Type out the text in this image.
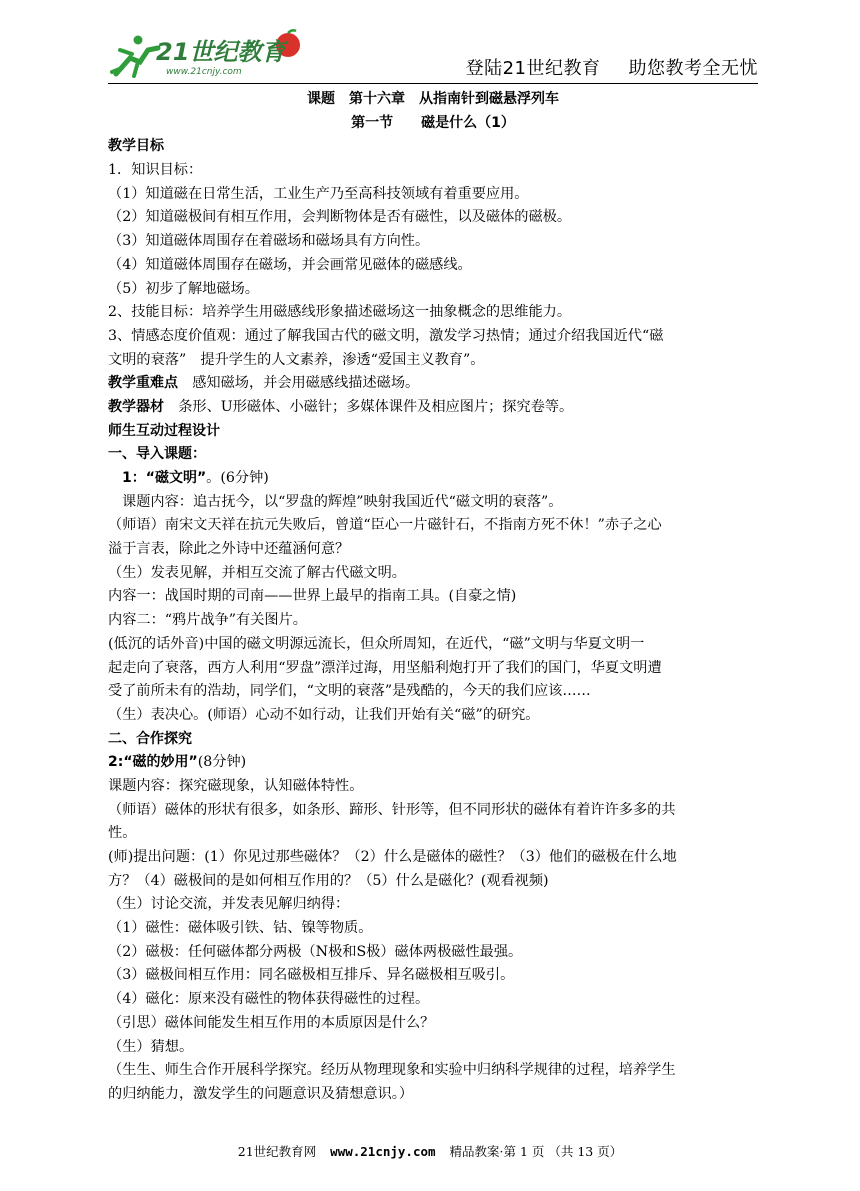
21世纪教育
www.21cnjy.com	登陆21世纪教育 助您教考全无忧
课题　第十六章　从指南针到磁悬浮列车
第一节　　磁是什么（1）
教学目标
1．知识目标：
（1）知道磁在日常生活，工业生产乃至高科技领域有着重要应用。
（2）知道磁极间有相互作用，会判断物体是否有磁性，以及磁体的磁极。
（3）知道磁体周围存在着磁场和磁场具有方向性。
（4）知道磁体周围存在磁场，并会画常见磁体的磁感线。
（5）初步了解地磁场。
2、技能目标：培养学生用磁感线形象描述磁场这一抽象概念的思维能力。
3、情感态度价值观：通过了解我国古代的磁文明，激发学习热情；通过介绍我国近代“磁
文明的衰落”　提升学生的人文素养，渗透“爱国主义教育”。
教学重难点　感知磁场，并会用磁感线描述磁场。
教学器材　条形、U形磁体、小磁针；多媒体课件及相应图片；探究卷等。
师生互动过程设计
一、导入课题：
1：“磁文明”。(6分钟)
课题内容：追古抚今，以“罗盘的辉煌”映射我国近代“磁文明的衰落”。
（师语）南宋文天祥在抗元失败后，曾道“臣心一片磁针石，不指南方死不休！”赤子之心
溢于言表，除此之外诗中还蕴涵何意？
（生）发表见解，并相互交流了解古代磁文明。
内容一：战国时期的司南——世界上最早的指南工具。(自豪之情)
内容二：“鸦片战争”有关图片。
(低沉的话外音)中国的磁文明源远流长，但众所周知，在近代，“磁”文明与华夏文明一
起走向了衰落，西方人利用“罗盘”漂洋过海，用坚船利炮打开了我们的国门，华夏文明遭
受了前所未有的浩劫，同学们，“文明的衰落”是残酷的，今天的我们应该……
（生）表决心。(师语）心动不如行动，让我们开始有关“磁”的研究。
二、合作探究
2:“磁的妙用”(8分钟)
课题内容：探究磁现象，认知磁体特性。
（师语）磁体的形状有很多，如条形、蹄形、针形等，但不同形状的磁体有着许许多多的共
性。
(师)提出问题：(1）你见过那些磁体？（2）什么是磁体的磁性？（3）他们的磁极在什么地
方？（4）磁极间的是如何相互作用的？（5）什么是磁化？(观看视频)
（生）讨论交流，并发表见解归纳得：
（1）磁性：磁体吸引铁、钴、镍等物质。
（2）磁极：任何磁体都分两极（N极和S极）磁体两极磁性最强。
（3）磁极间相互作用：同名磁极相互排斥、异名磁极相互吸引。
（4）磁化：原来没有磁性的物体获得磁性的过程。
（引思）磁体间能发生相互作用的本质原因是什么？
（生）猜想。
（生生、师生合作开展科学探究。经历从物理现象和实验中归纳科学规律的过程，培养学生
的归纳能力，激发学生的问题意识及猜想意识。）
21世纪教育网 www.21cnjy.com 精品教案·第 1 页 （共 13 页）
